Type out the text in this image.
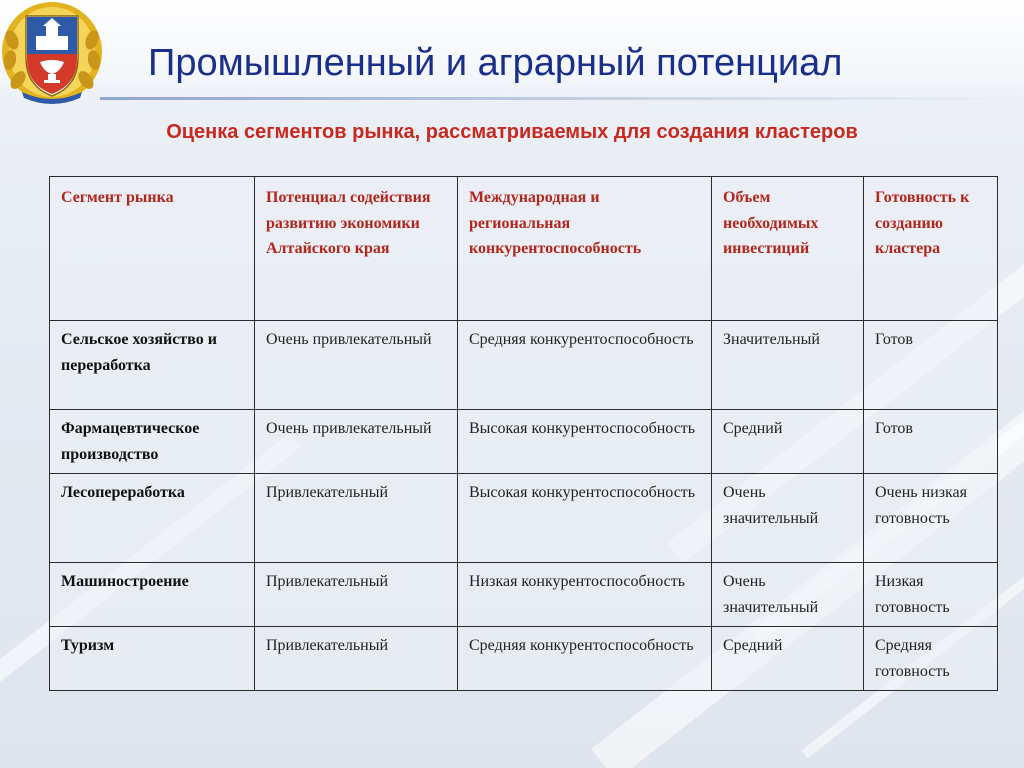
Промышленный и аграрный потенциал
Оценка сегментов рынка, рассматриваемых для создания кластеров
Сегмент рынка	Потенциал содействия развитию экономики Алтайского края	Международная и региональная конкурентоспособность	Объем необходимых инвестиций	Готовность к созданию кластера
Сельское хозяйство и переработка	Очень привлекательный	Средняя конкурентоспособность	Значительный	Готов
Фармацевтическое производство	Очень привлекательный	Высокая конкурентоспособность	Средний	Готов
Лесопереработка	Привлекательный	Высокая конкурентоспособность	Очень значительный	Очень низкая готовность
Машиностроение	Привлекательный	Низкая конкурентоспособность	Очень значительный	Низкая готовность
Туризм	Привлекательный	Средняя конкурентоспособность	Средний	Средняя готовность
